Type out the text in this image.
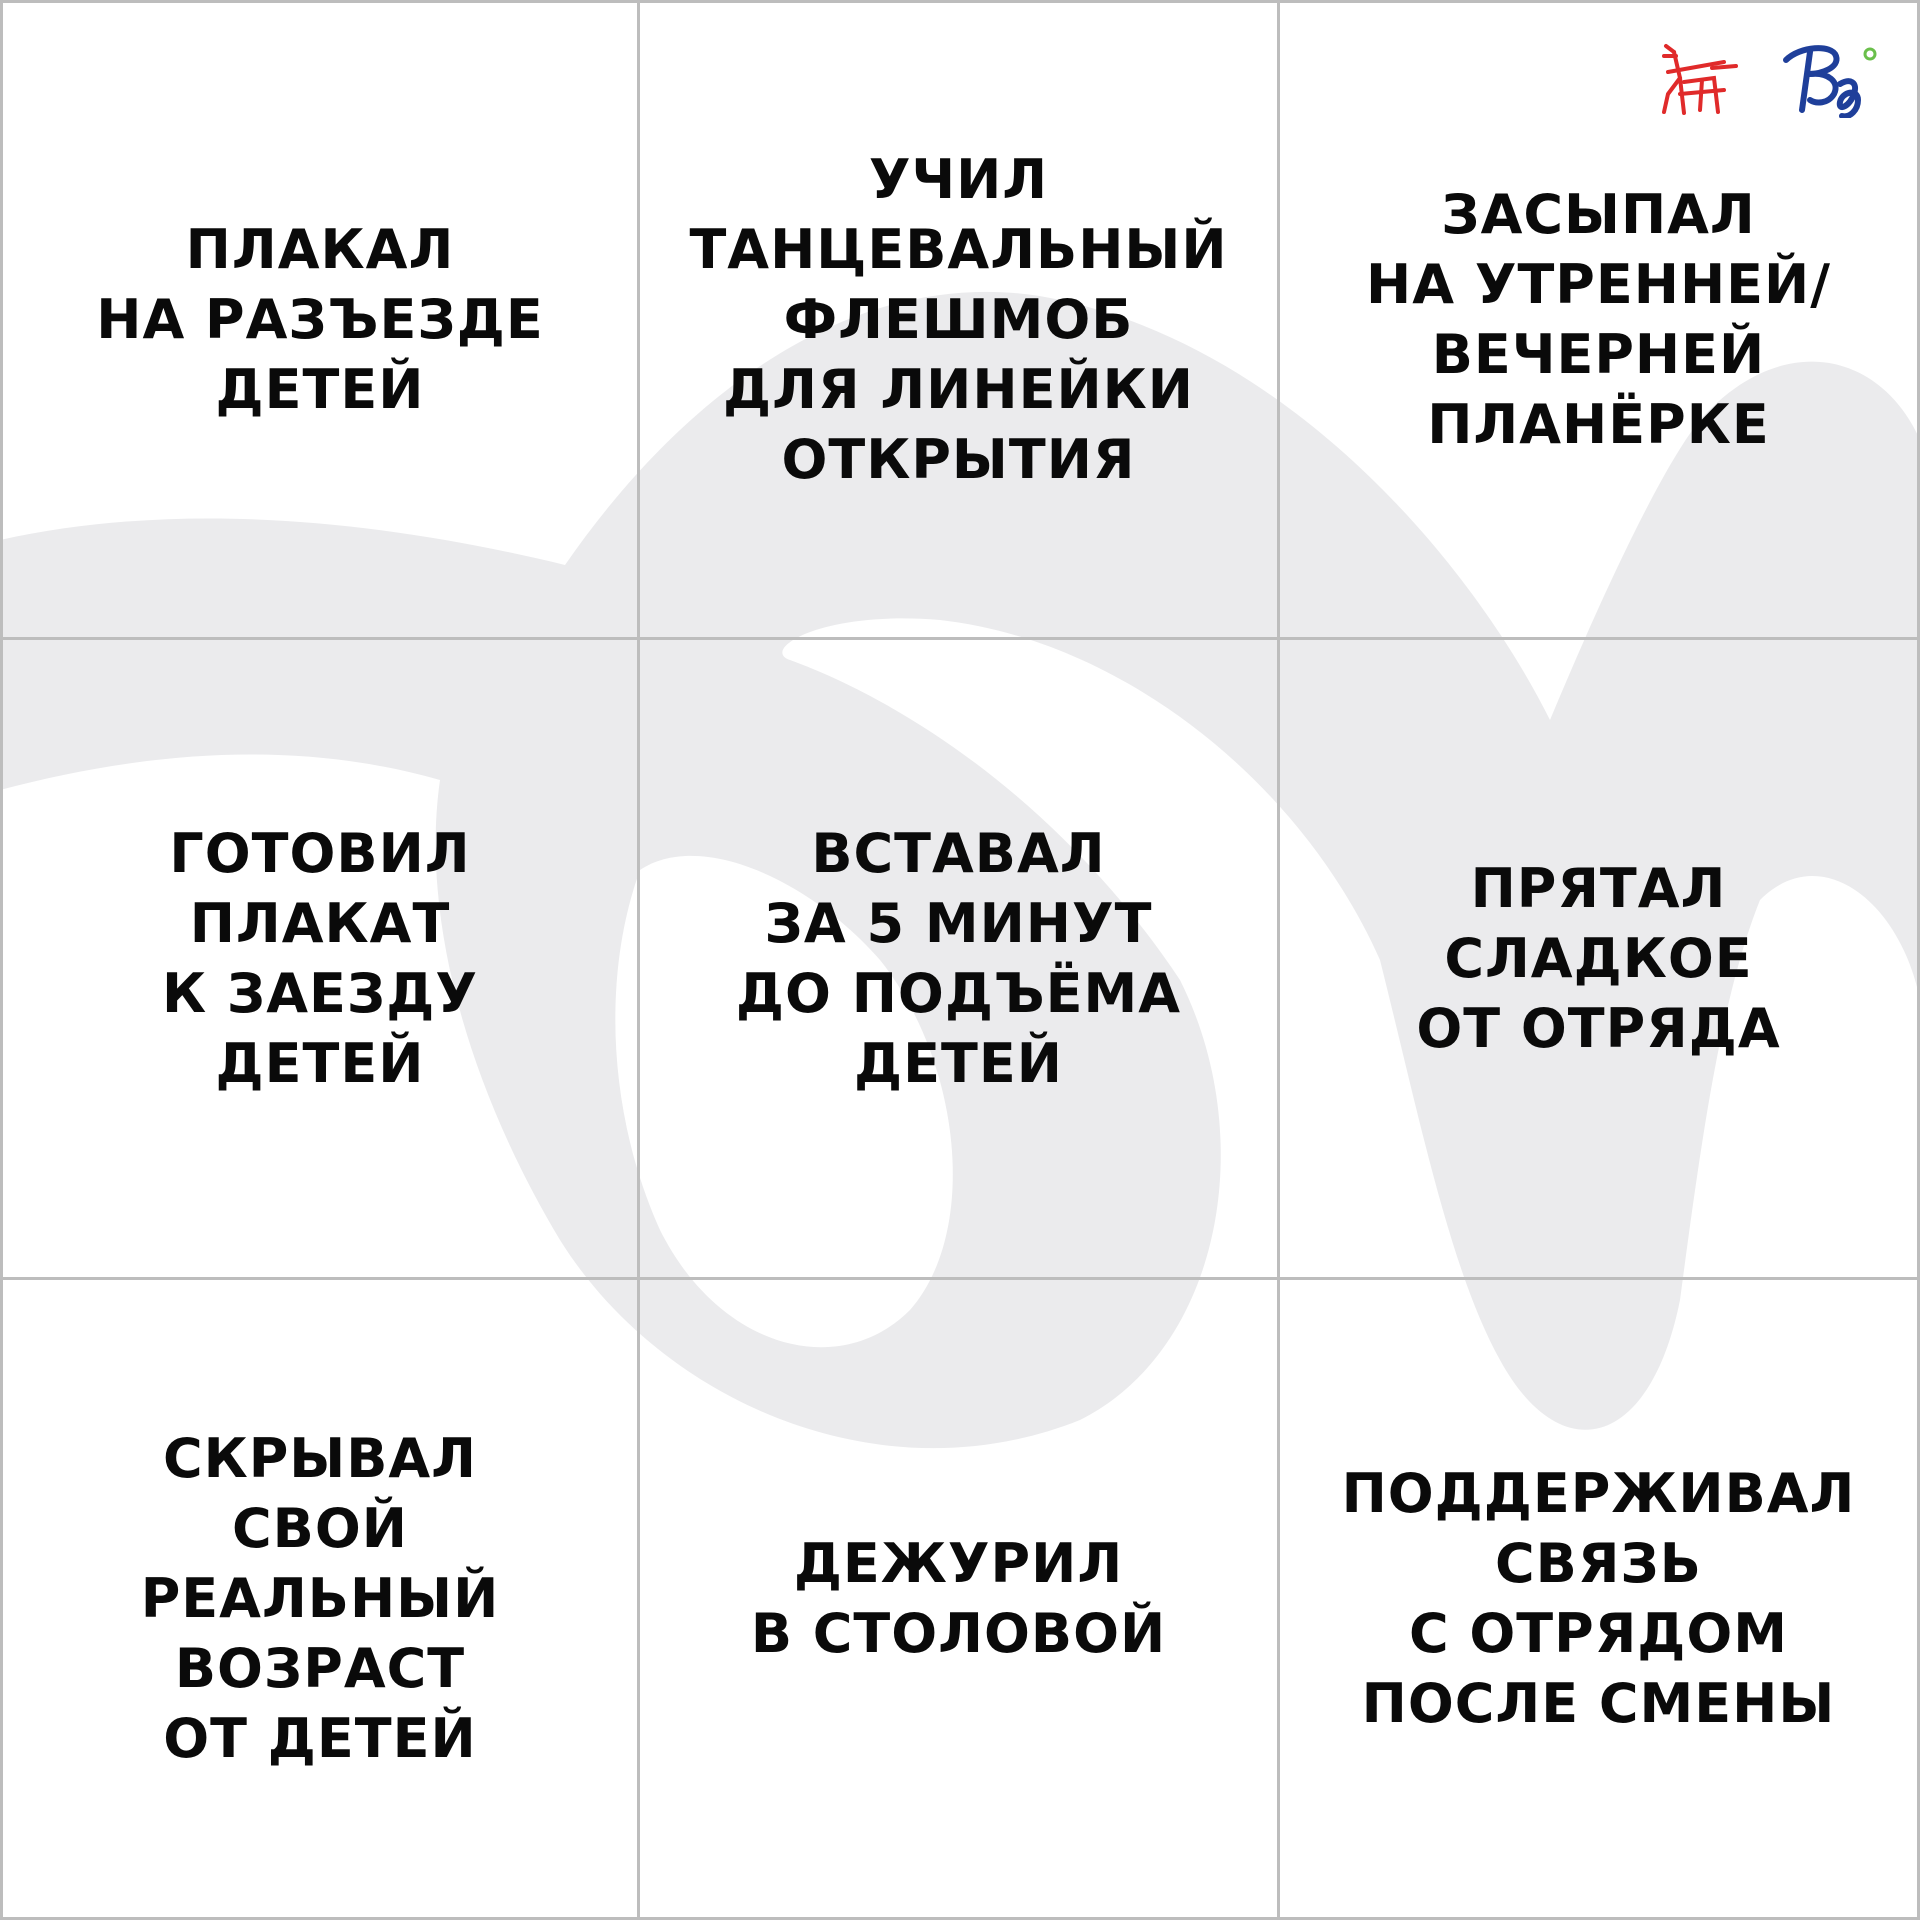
ПЛАКАЛ
НА РАЗЪЕЗДЕ
ДЕТЕЙ
УЧИЛ
ТАНЦЕВАЛЬНЫЙ
ФЛЕШМОБ
ДЛЯ ЛИНЕЙКИ
ОТКРЫТИЯ
ЗАСЫПАЛ
НА УТРЕННЕЙ/
ВЕЧЕРНЕЙ
ПЛАНЁРКЕ
ГОТОВИЛ
ПЛАКАТ
К ЗАЕЗДУ
ДЕТЕЙ
ВСТАВАЛ
ЗА 5 МИНУТ
ДО ПОДЪЁМА
ДЕТЕЙ
ПРЯТАЛ
СЛАДКОЕ
ОТ ОТРЯДА
СКРЫВАЛ
СВОЙ
РЕАЛЬНЫЙ
ВОЗРАСТ
ОТ ДЕТЕЙ
ДЕЖУРИЛ
В СТОЛОВОЙ
ПОДДЕРЖИВАЛ
СВЯЗЬ
С ОТРЯДОМ
ПОСЛЕ СМЕНЫ
